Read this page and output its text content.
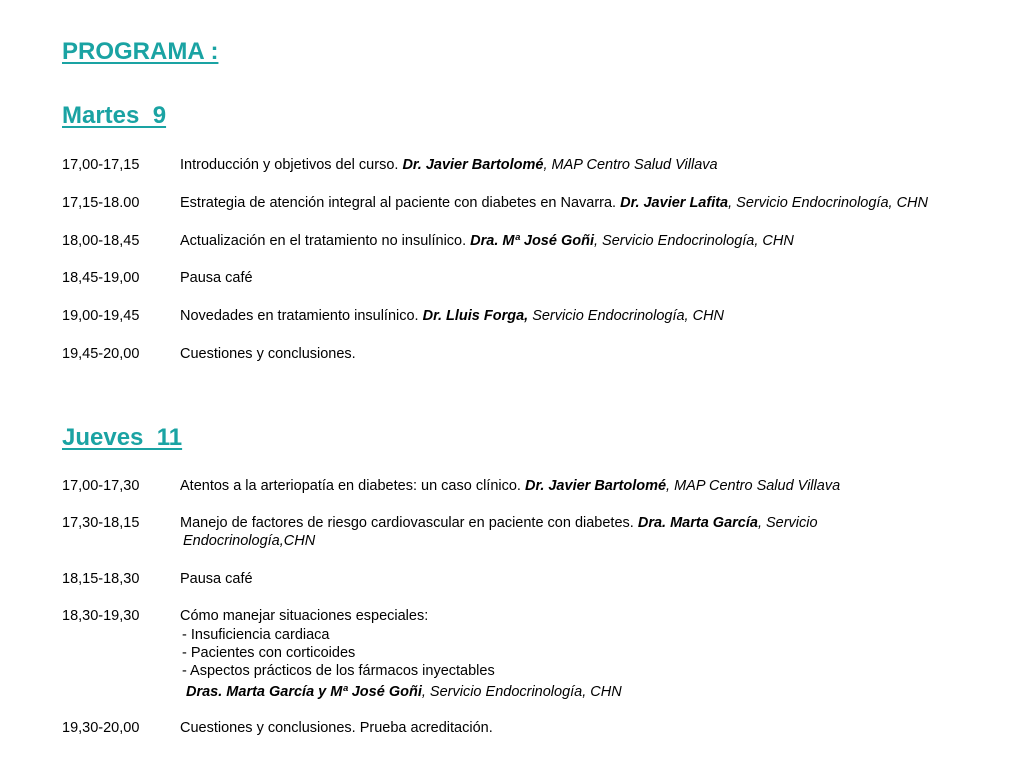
PROGRAMA :
Martes  9
17,00-17,15	Introducción y objetivos del curso. Dr. Javier Bartolomé, MAP Centro Salud Villava
17,15-18.00	Estrategia de atención integral al paciente con diabetes en Navarra. Dr. Javier Lafita, Servicio Endocrinología, CHN
18,00-18,45	Actualización en el tratamiento no insulínico. Dra. Mª José Goñi, Servicio Endocrinología, CHN
18,45-19,00	Pausa café
19,00-19,45	Novedades en tratamiento insulínico. Dr. Lluis Forga, Servicio Endocrinología, CHN
19,45-20,00	Cuestiones y conclusiones.
Jueves  11
17,00-17,30	Atentos a la arteriopatía en diabetes: un caso clínico. Dr. Javier Bartolomé, MAP Centro Salud Villava
17,30-18,15	Manejo de factores de riesgo cardiovascular en paciente con diabetes. Dra. Marta García, Servicio
Endocrinología,CHN
18,15-18,30	Pausa café
18,30-19,30	Cómo manejar situaciones especiales:
- Insuficiencia cardiaca
- Pacientes con corticoides
- Aspectos prácticos de los fármacos inyectables
Dras. Marta García y Mª José Goñi, Servicio Endocrinología, CHN
19,30-20,00	Cuestiones y conclusiones. Prueba acreditación.
